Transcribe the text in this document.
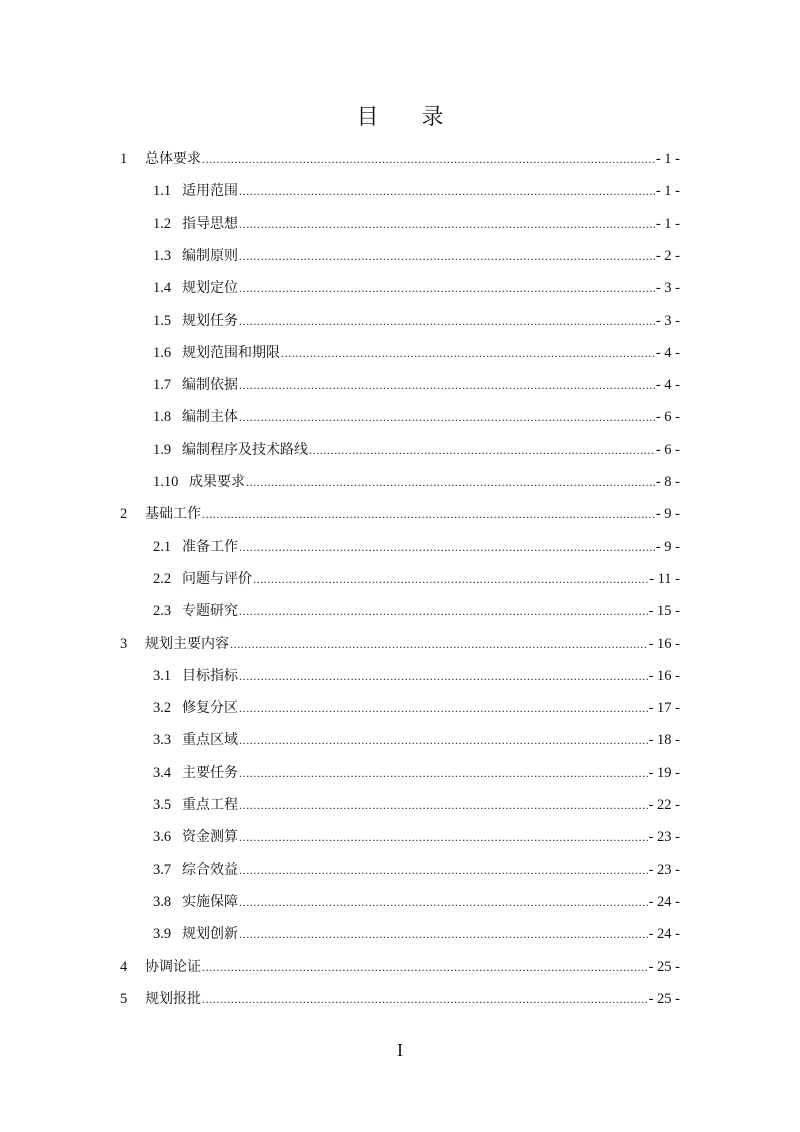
目 录
1 总体要求 .....	- 1 -
1.1 适用范围 .....	- 1 -
1.2 指导思想 .....	- 1 -
1.3 编制原则 .....	- 2 -
1.4 规划定位 .....	- 3 -
1.5 规划任务 .....	- 3 -
1.6 规划范围和期限 .....	- 4 -
1.7 编制依据 .....	- 4 -
1.8 编制主体 .....	- 6 -
1.9 编制程序及技术路线 .....	- 6 -
1.10 成果要求 .....	- 8 -
2 基础工作 .....	- 9 -
2.1 准备工作 .....	- 9 -
2.2 问题与评价 .....	- 11 -
2.3 专题研究 .....	- 15 -
3 规划主要内容 .....	- 16 -
3.1 目标指标 .....	- 16 -
3.2 修复分区 .....	- 17 -
3.3 重点区域 .....	- 18 -
3.4 主要任务 .....	- 19 -
3.5 重点工程 .....	- 22 -
3.6 资金测算 .....	- 23 -
3.7 综合效益 .....	- 23 -
3.8 实施保障 .....	- 24 -
3.9 规划创新 .....	- 24 -
4 协调论证 .....	- 25 -
5 规划报批 .....	- 25 -
I
